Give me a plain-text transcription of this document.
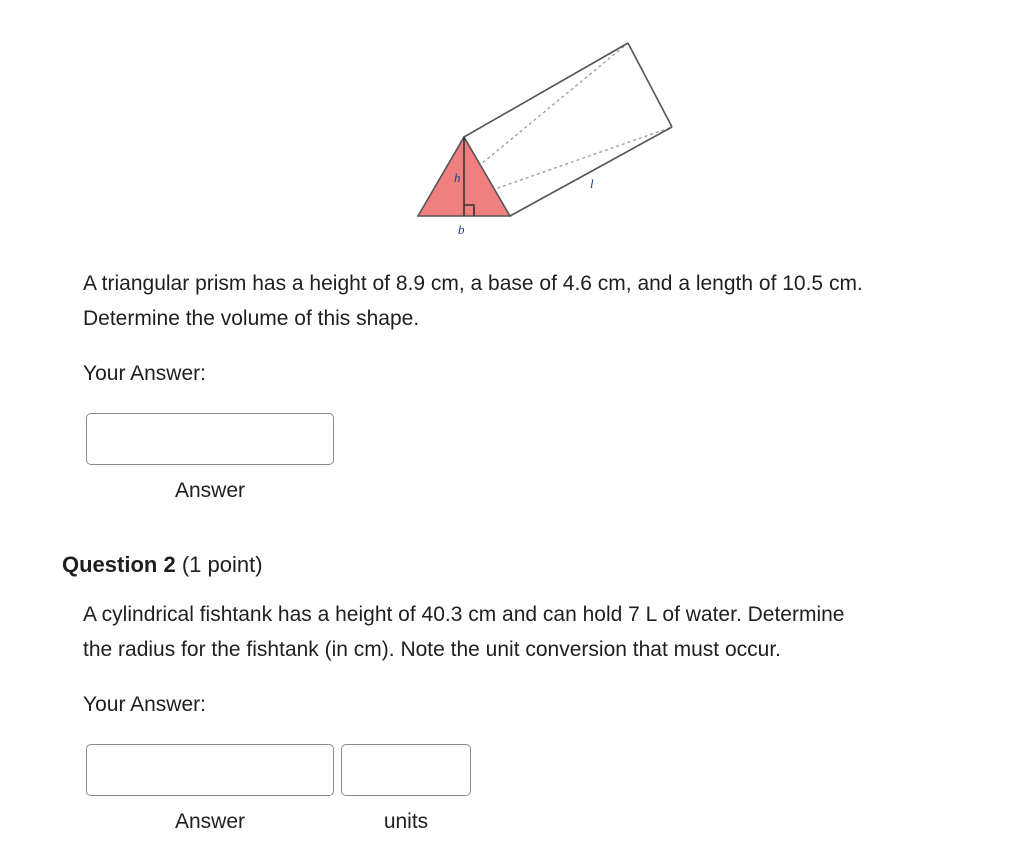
h
b
l
A triangular prism has a height of 8.9 cm, a base of 4.6 cm, and a length of 10.5 cm.
Determine the volume of this shape.
Your Answer:
Answer
Question 2 (1 point)
A cylindrical fishtank has a height of 40.3 cm and can hold 7 L of water. Determine
the radius for the fishtank (in cm). Note the unit conversion that must occur.
Your Answer:
Answer	units
